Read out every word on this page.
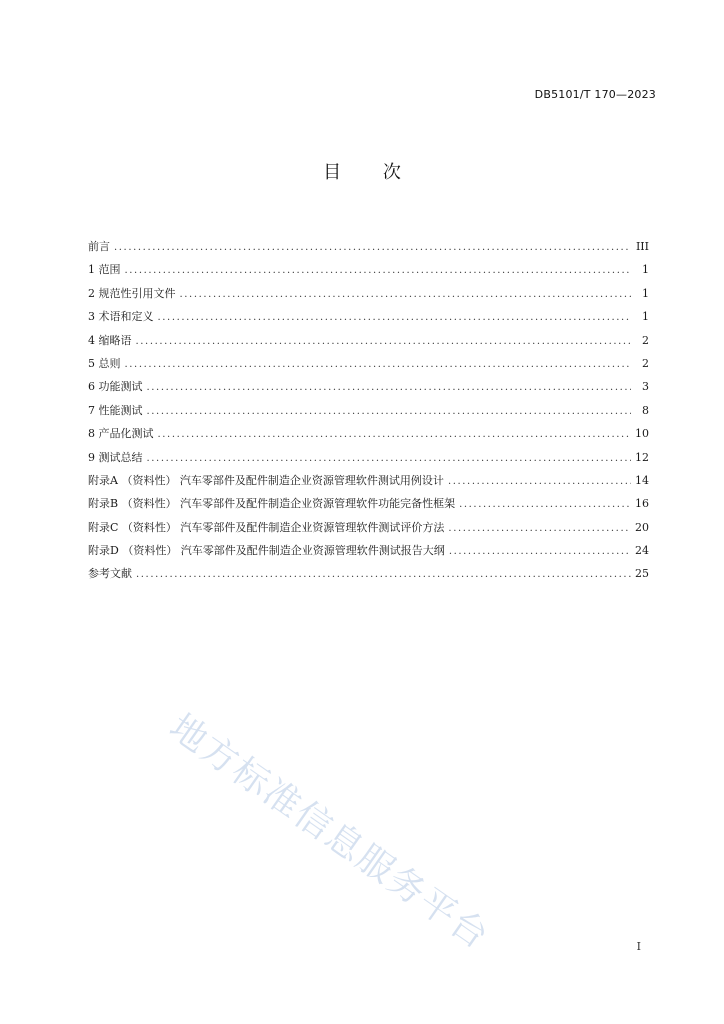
DB5101/T 170—2023
目 次
前言 .....	III
1 范围 .....	1
2 规范性引用文件 .....	1
3 术语和定义 .....	1
4 缩略语 .....	2
5 总则 .....	2
6 功能测试 .....	3
7 性能测试 .....	8
8 产品化测试 .....	10
9 测试总结 .....	12
附录A （资料性） 汽车零部件及配件制造企业资源管理软件测试用例设计 .....	14
附录B （资料性） 汽车零部件及配件制造企业资源管理软件功能完备性框架 .....	16
附录C （资料性） 汽车零部件及配件制造企业资源管理软件测试评价方法 .....	20
附录D （资料性） 汽车零部件及配件制造企业资源管理软件测试报告大纲 .....	24
参考文献 .....	25
地方标准信息服务平台	I
